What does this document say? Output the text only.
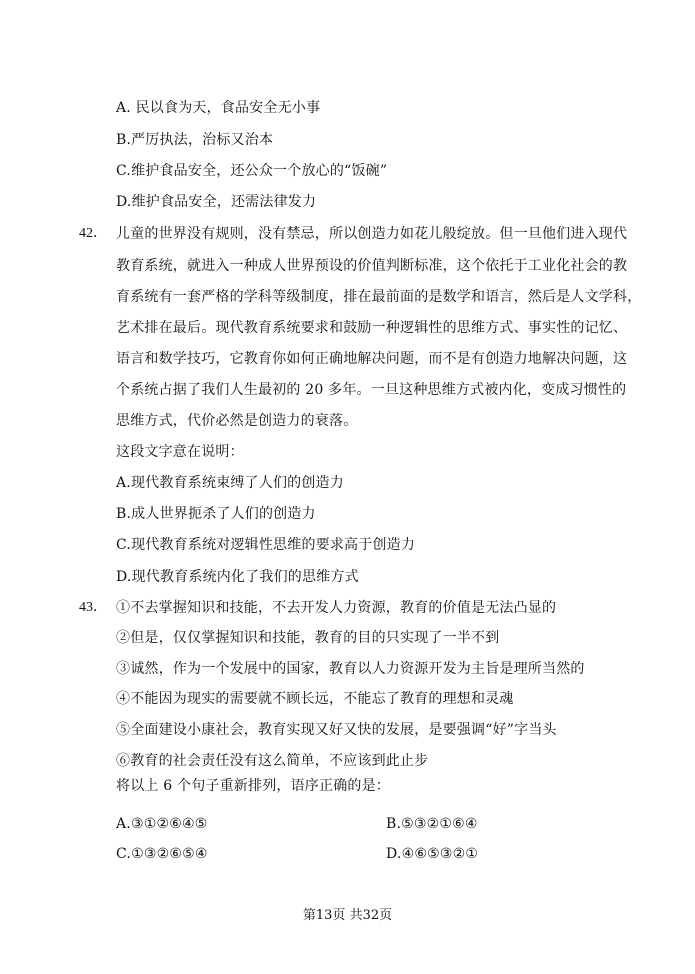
A. 民以食为天，食品安全无小事
B.严厉执法，治标又治本
C.维护食品安全，还公众一个放心的“饭碗”
D.维护食品安全，还需法律发力
42． 儿童的世界没有规则，没有禁忌，所以创造力如花儿般绽放。但一旦他们进入现代
教育系统，就进入一种成人世界预设的价值判断标准，这个依托于工业化社会的教
育系统有一套严格的学科等级制度，排在最前面的是数学和语言，然后是人文学科，
艺术排在最后。现代教育系统要求和鼓励一种逻辑性的思维方式、事实性的记忆、
语言和数学技巧，它教育你如何正确地解决问题，而不是有创造力地解决问题，这
个系统占据了我们人生最初的 20 多年。一旦这种思维方式被内化，变成习惯性的
思维方式，代价必然是创造力的衰落。
这段文字意在说明：
A.现代教育系统束缚了人们的创造力
B.成人世界扼杀了人们的创造力
C.现代教育系统对逻辑性思维的要求高于创造力
D.现代教育系统内化了我们的思维方式
43． ①不去掌握知识和技能，不去开发人力资源，教育的价值是无法凸显的
②但是，仅仅掌握知识和技能，教育的目的只实现了一半不到
③诚然，作为一个发展中的国家，教育以人力资源开发为主旨是理所当然的
④不能因为现实的需要就不顾长远，不能忘了教育的理想和灵魂
⑤全面建设小康社会，教育实现又好又快的发展，是要强调“好”字当头
⑥教育的社会责任没有这么简单，不应该到此止步
将以上 6 个句子重新排列，语序正确的是：
A.③①②⑥④⑤	B.⑤③②①⑥④
C.①③②⑥⑤④	D.④⑥⑤③②①
第13页 共32页
